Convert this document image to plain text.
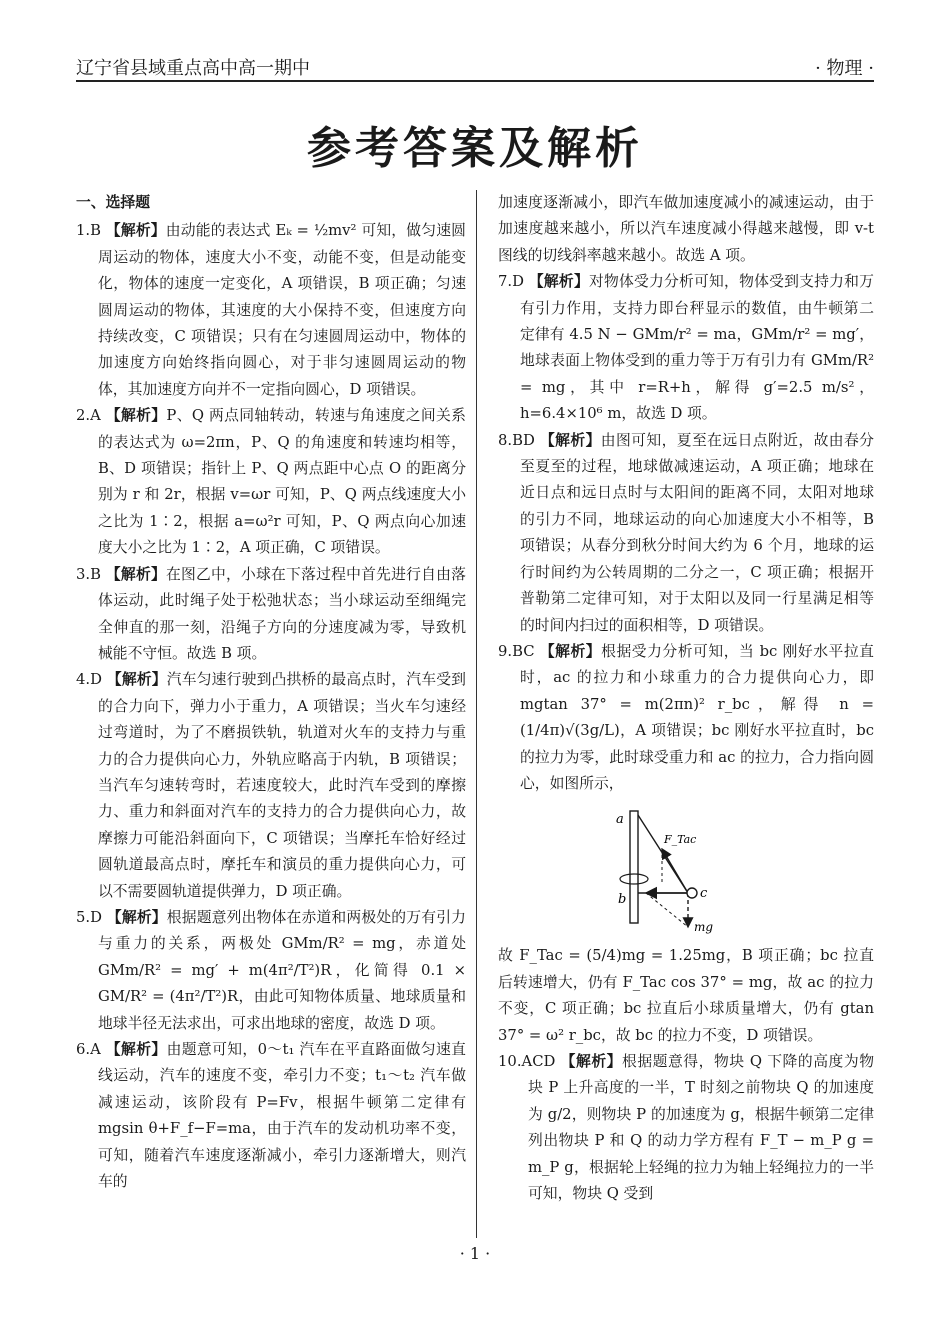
辽宁省县域重点高中高一期中	· 物理 ·
参考答案及解析

一、选择题

1.B 【解析】由动能的表达式 Eₖ = ½mv² 可知，做匀速圆周运动的物体，速度大小不变，动能不变，但是动能变化，物体的速度一定变化，A 项错误，B 项正确；匀速圆周运动的物体，其速度的大小保持不变，但速度方向持续改变，C 项错误；只有在匀速圆周运动中，物体的加速度方向始终指向圆心，对于非匀速圆周运动的物体，其加速度方向并不一定指向圆心，D 项错误。

2.A 【解析】P、Q 两点同轴转动，转速与角速度之间关系的表达式为 ω=2πn，P、Q 的角速度和转速均相等，B、D 项错误；指针上 P、Q 两点距中心点 O 的距离分别为 r 和 2r，根据 v=ωr 可知，P、Q 两点线速度大小之比为 1∶2，根据 a=ω²r 可知，P、Q 两点向心加速度大小之比为 1∶2，A 项正确，C 项错误。

3.B 【解析】在图乙中，小球在下落过程中首先进行自由落体运动，此时绳子处于松弛状态；当小球运动至细绳完全伸直的那一刻，沿绳子方向的分速度减为零，导致机械能不守恒。故选 B 项。

4.D 【解析】汽车匀速行驶到凸拱桥的最高点时，汽车受到的合力向下，弹力小于重力，A 项错误；当火车匀速经过弯道时，为了不磨损铁轨，轨道对火车的支持力与重力的合力提供向心力，外轨应略高于内轨，B 项错误；当汽车匀速转弯时，若速度较大，此时汽车受到的摩擦力、重力和斜面对汽车的支持力的合力提供向心力，故摩擦力可能沿斜面向下，C 项错误；当摩托车恰好经过圆轨道最高点时，摩托车和演员的重力提供向心力，可以不需要圆轨道提供弹力，D 项正确。

5.D 【解析】根据题意列出物体在赤道和两极处的万有引力与重力的关系，两极处 GMm/R² = mg，赤道处 GMm/R² = mg′ + m(4π²/T²)R，化简得 0.1 × GM/R² = (4π²/T²)R，由此可知物体质量、地球质量和地球半径无法求出，可求出地球的密度，故选 D 项。

6.A 【解析】由题意可知，0～t₁ 汽车在平直路面做匀速直线运动，汽车的速度不变，牵引力不变；t₁～t₂ 汽车做减速运动，该阶段有 P=Fv，根据牛顿第二定律有 mgsin θ+F_f−F=ma，由于汽车的发动机功率不变，可知，随着汽车速度逐渐减小，牵引力逐渐增大，则汽车的

加速度逐渐减小，即汽车做加速度减小的减速运动，由于加速度越来越小，所以汽车速度减小得越来越慢，即 v-t 图线的切线斜率越来越小。故选 A 项。

7.D 【解析】对物体受力分析可知，物体受到支持力和万有引力作用，支持力即台秤显示的数值，由牛顿第二定律有 4.5 N − GMm/r² = ma，GMm/r² = mg′，地球表面上物体受到的重力等于万有引力有 GMm/R² = mg，其中 r=R+h，解得 g′=2.5 m/s²，h=6.4×10⁶ m，故选 D 项。

8.BD 【解析】由图可知，夏至在远日点附近，故由春分至夏至的过程，地球做减速运动，A 项正确；地球在近日点和远日点时与太阳间的距离不同，太阳对地球的引力不同，地球运动的向心加速度大小不相等，B 项错误；从春分到秋分时间大约为 6 个月，地球的运行时间约为公转周期的二分之一，C 项正确；根据开普勒第二定律可知，对于太阳以及同一行星满足相等的时间内扫过的面积相等，D 项错误。

9.BC 【解析】根据受力分析可知，当 bc 刚好水平拉直时，ac 的拉力和小球重力的合力提供向心力，即 mgtan 37° = m(2πn)² r_bc，解得 n = (1/4π)√(3g/L)，A 项错误；bc 刚好水平拉直时，bc 的拉力为零，此时球受重力和 ac 的拉力，合力指向圆心，如图所示，

a
b	c
F_Tac
mg

故 F_Tac = (5/4)mg = 1.25mg，B 项正确；bc 拉直后转速增大，仍有 F_Tac cos 37° = mg，故 ac 的拉力不变，C 项正确；bc 拉直后小球质量增大，仍有 gtan 37° = ω² r_bc，故 bc 的拉力不变，D 项错误。

10.ACD 【解析】根据题意得，物块 Q 下降的高度为物块 P 上升高度的一半，T 时刻之前物块 Q 的加速度为 g/2，则物块 P 的加速度为 g，根据牛顿第二定律列出物块 P 和 Q 的动力学方程有 F_T − m_P g = m_P g，根据轮上轻绳的拉力为轴上轻绳拉力的一半可知，物块 Q 受到

· 1 ·
